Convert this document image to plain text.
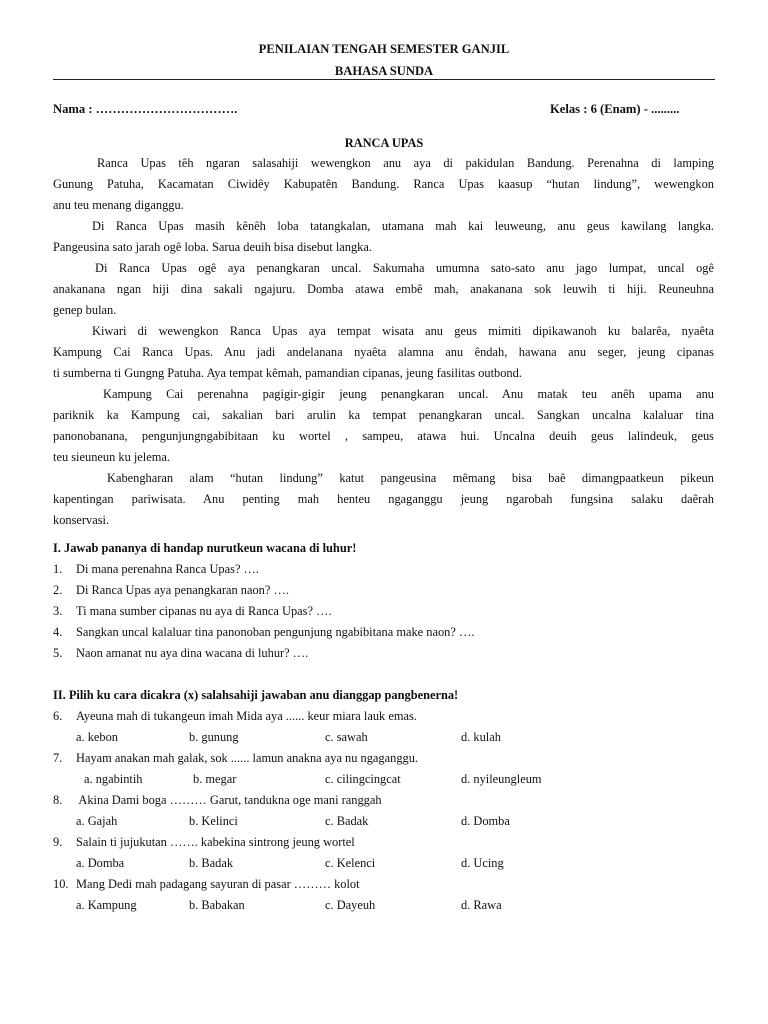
PENILAIAN TENGAH SEMESTER GANJIL
BAHASA SUNDA
Nama : …………………………….	Kelas : 6 (Enam) - .........
RANCA UPAS
Ranca Upas têh ngaran salasahiji wewengkon anu aya di pakidulan Bandung. Perenahna di lamping
Gunung Patuha, Kacamatan Ciwidêy Kabupatên Bandung. Ranca Upas kaasup “hutan lindung”, wewengkon
anu teu menang diganggu.
Di Ranca Upas masih kênêh loba tatangkalan, utamana mah kai leuweung, anu geus kawilang langka.
Pangeusina sato jarah ogê loba. Sarua deuih bisa disebut langka.
Di Ranca Upas ogê aya penangkaran uncal. Sakumaha umumna sato-sato anu jago lumpat, uncal ogê
anakanana ngan hiji dina sakali ngajuru. Domba atawa embê mah, anakanana sok leuwih ti hiji. Reuneuhna
genep bulan.
Kiwari di wewengkon Ranca Upas aya tempat wisata anu geus mimiti dipikawanoh ku balarêa, nyaêta
Kampung Cai Ranca Upas. Anu jadi andelanana nyaêta alamna anu êndah, hawana anu seger, jeung cipanas
ti sumberna ti Gungng Patuha. Aya tempat kêmah, pamandian cipanas, jeung fasilitas outbond.
Kampung Cai perenahna pagigir-gigir jeung penangkaran uncal. Anu matak teu anêh upama anu
pariknik ka Kampung cai, sakalian bari arulin ka tempat penangkaran uncal. Sangkan uncalna kalaluar tina
panonobanana, pengunjungngabibitaan ku wortel , sampeu, atawa hui. Uncalna deuih geus lalindeuk, geus
teu sieuneun ku jelema.
Kabengharan alam “hutan lindung” katut pangeusina mêmang bisa baê dimangpaatkeun pikeun
kapentingan pariwisata. Anu penting mah henteu ngaganggu jeung ngarobah fungsina salaku daêrah
konservasi.
I. Jawab pananya di handap nurutkeun wacana di luhur!
1. Di mana perenahna Ranca Upas? ….
2. Di Ranca Upas aya penangkaran naon? ….
3. Ti mana sumber cipanas nu aya di Ranca Upas? ….
4. Sangkan uncal kalaluar tina panonoban pengunjung ngabibitana make naon? ….
5. Naon amanat nu aya dina wacana di luhur? ….
II. Pilih ku cara dicakra (x) salahsahiji jawaban anu dianggap pangbenerna!
6. Ayeuna mah di tukangeun imah Mida aya ...... keur miara lauk emas.
a. kebon	b. gunung	c. sawah	d. kulah
7. Hayam anakan mah galak, sok ...... lamun anakna aya nu ngaganggu.
a. ngabintih	b. megar	c. cilingcingcat	d. nyileungleum
8. Akina Dami boga ……… Garut, tandukna oge mani ranggah
a. Gajah	b. Kelinci	c. Badak	d. Domba
9. Salain ti jujukutan ……. kabekina sintrong jeung wortel
a. Domba	b. Badak	c. Kelenci	d. Ucing
10. Mang Dedi mah padagang sayuran di pasar ……… kolot
a. Kampung	b. Babakan	c. Dayeuh	d. Rawa
